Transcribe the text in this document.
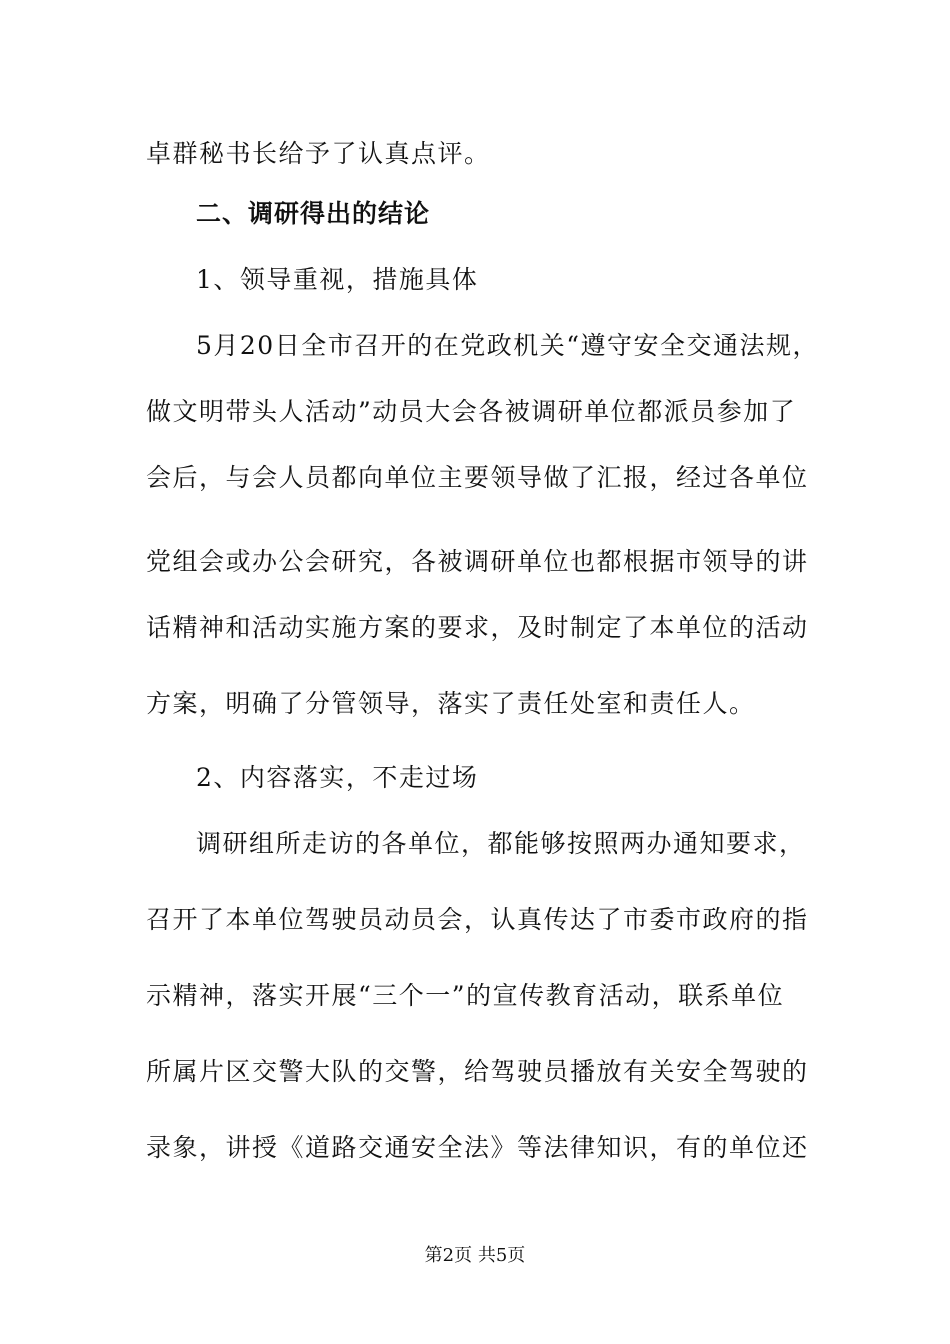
卓群秘书长给予了认真点评。
二、调研得出的结论
1、领导重视，措施具体
5月20日全市召开的在党政机关“遵守安全交通法规，
做文明带头人活动”动员大会各被调研单位都派员参加了
会后，与会人员都向单位主要领导做了汇报，经过各单位
党组会或办公会研究，各被调研单位也都根据市领导的讲
话精神和活动实施方案的要求，及时制定了本单位的活动
方案，明确了分管领导，落实了责任处室和责任人。
2、内容落实，不走过场
调研组所走访的各单位，都能够按照两办通知要求，
召开了本单位驾驶员动员会，认真传达了市委市政府的指
示精神，落实开展“三个一”的宣传教育活动，联系单位
所属片区交警大队的交警，给驾驶员播放有关安全驾驶的
录象，讲授《道路交通安全法》等法律知识，有的单位还
第2页 共5页
